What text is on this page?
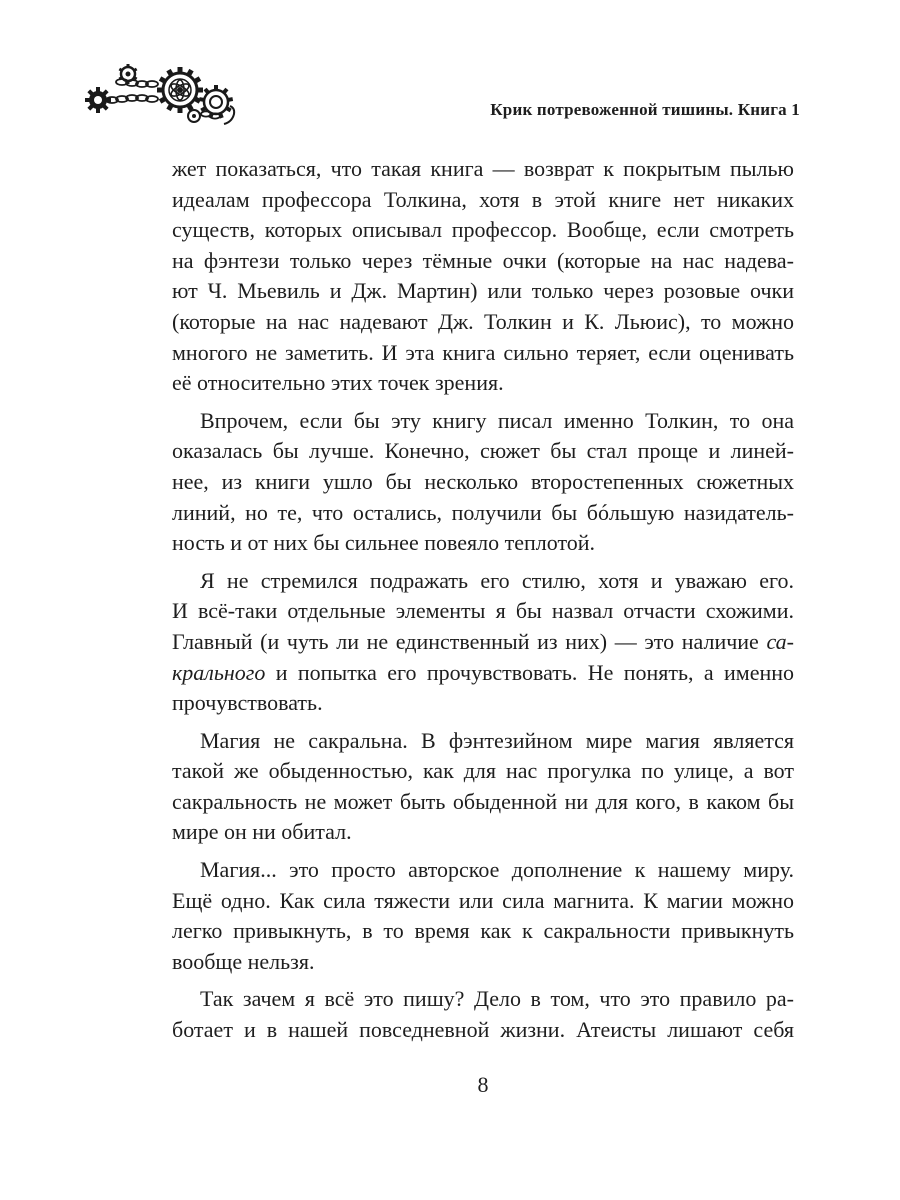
Крик потревоженной тишины. Книга 1
жет показаться, что такая книга — возврат к покрытым пылью
идеалам профессора Толкина, хотя в этой книге нет никаких
существ, которых описывал профессор. Вообще, если смотреть
на фэнтези только через тёмные очки (которые на нас надева-
ют Ч. Мьевиль и Дж. Мартин) или только через розовые очки
(которые на нас надевают Дж. Толкин и К. Льюис), то можно
многого не заметить. И эта книга сильно теряет, если оценивать
её относительно этих точек зрения.
Впрочем, если бы эту книгу писал именно Толкин, то она
оказалась бы лучше. Конечно, сюжет бы стал проще и линей-
нее, из книги ушло бы несколько второстепенных сюжетных
линий, но те, что остались, получили бы бóльшую назидатель-
ность и от них бы сильнее повеяло теплотой.
Я не стремился подражать его стилю, хотя и уважаю его.
И всё-таки отдельные элементы я бы назвал отчасти схожими.
Главный (и чуть ли не единственный из них) — это наличие са-
крального и попытка его прочувствовать. Не понять, а именно
прочувствовать.
Магия не сакральна. В фэнтезийном мире магия является
такой же обыденностью, как для нас прогулка по улице, а вот
сакральность не может быть обыденной ни для кого, в каком бы
мире он ни обитал.
Магия... это просто авторское дополнение к нашему миру.
Ещё одно. Как сила тяжести или сила магнита. К магии можно
легко привыкнуть, в то время как к сакральности привыкнуть
вообще нельзя.
Так зачем я всё это пишу? Дело в том, что это правило ра-
ботает и в нашей повседневной жизни. Атеисты лишают себя
8
